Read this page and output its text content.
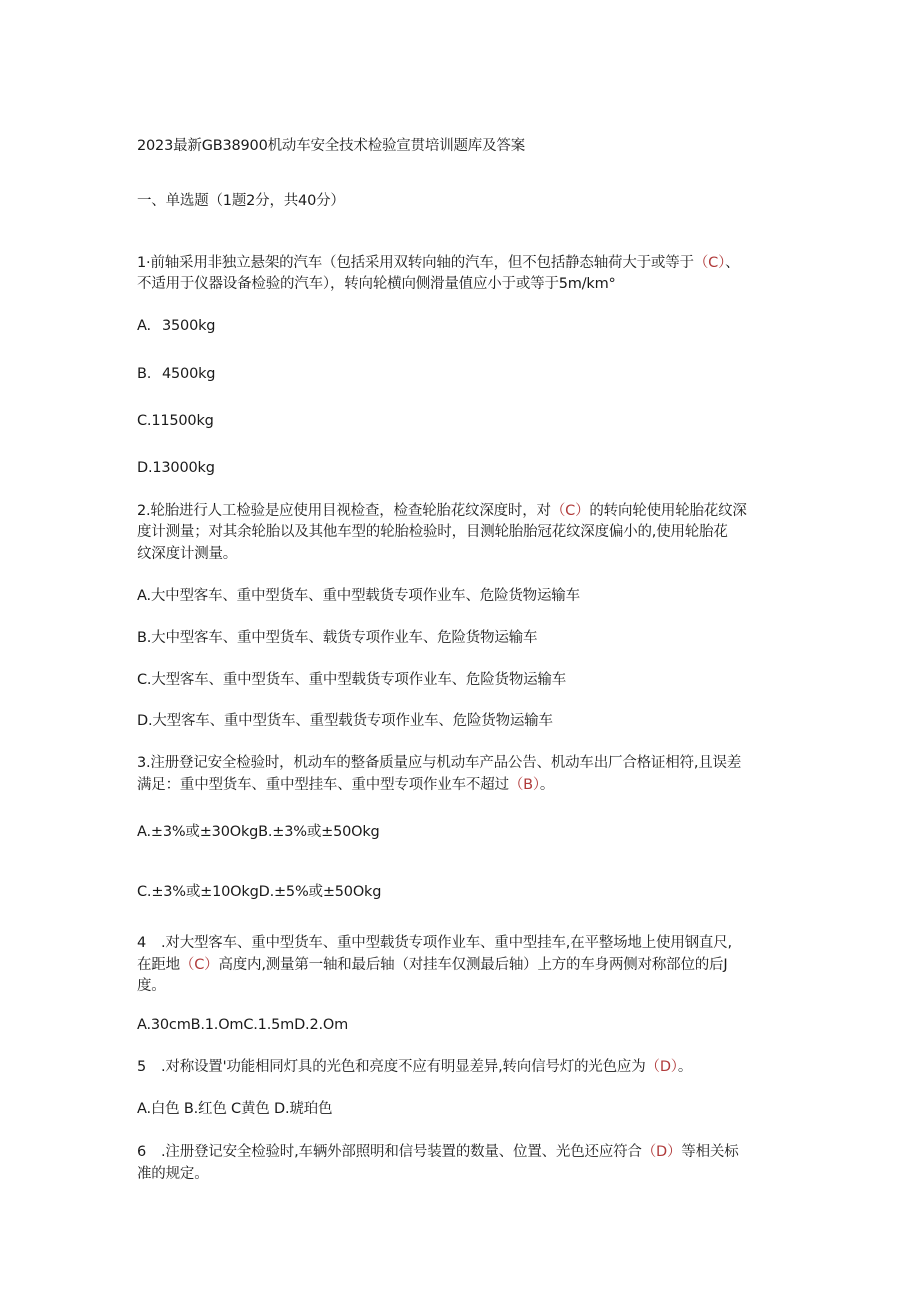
2023最新GB38900机动车安全技术检验宣贯培训题库及答案

一、单选题（1题2分，共40分）

1·前轴采用非独立悬架的汽车（包括采用双转向轴的汽车，但不包括静态轴荷大于或等于（C）、

不适用于仪器设备检验的汽车），转向轮横向侧滑量值应小于或等于5m∕km°

A. 3500kg

B. 4500kg

C.11500kg

D.13000kg

2.轮胎进行人工检验是应使用目视检查，检查轮胎花纹深度时，对（C）的转向轮使用轮胎花纹深

度计测量；对其余轮胎以及其他车型的轮胎检验时，目测轮胎胎冠花纹深度偏小的,使用轮胎花

纹深度计测量。

A.大中型客车、重中型货车、重中型载货专项作业车、危险货物运输车

B.大中型客车、重中型货车、载货专项作业车、危险货物运输车

C.大型客车、重中型货车、重中型载货专项作业车、危险货物运输车

D.大型客车、重中型货车、重型载货专项作业车、危险货物运输车

3.注册登记安全检验时，机动车的整备质量应与机动车产品公告、机动车出厂合格证相符,且误差

满足：重中型货车、重中型挂车、重中型专项作业车不超过（B）。

A.±3%或±30OkgB.±3%或±50Okg

C.±3%或±10OkgD.±5%或±50Okg

4 .对大型客车、重中型货车、重中型载货专项作业车、重中型挂车,在平整场地上使用钢直尺,

在距地（C）高度内,测量第一轴和最后轴（对挂车仅测最后轴）上方的车身两侧对称部位的后J

度。

A.30cmB.1.OmC.1.5mD.2.Om

5 .对称设置'功能相同灯具的光色和亮度不应有明显差异,转向信号灯的光色应为（D）。

A.白色 B.红色 C黄色 D.琥珀色

6 .注册登记安全检验时,车辆外部照明和信号装置的数量、位置、光色还应符合（D）等相关标

准的规定。
